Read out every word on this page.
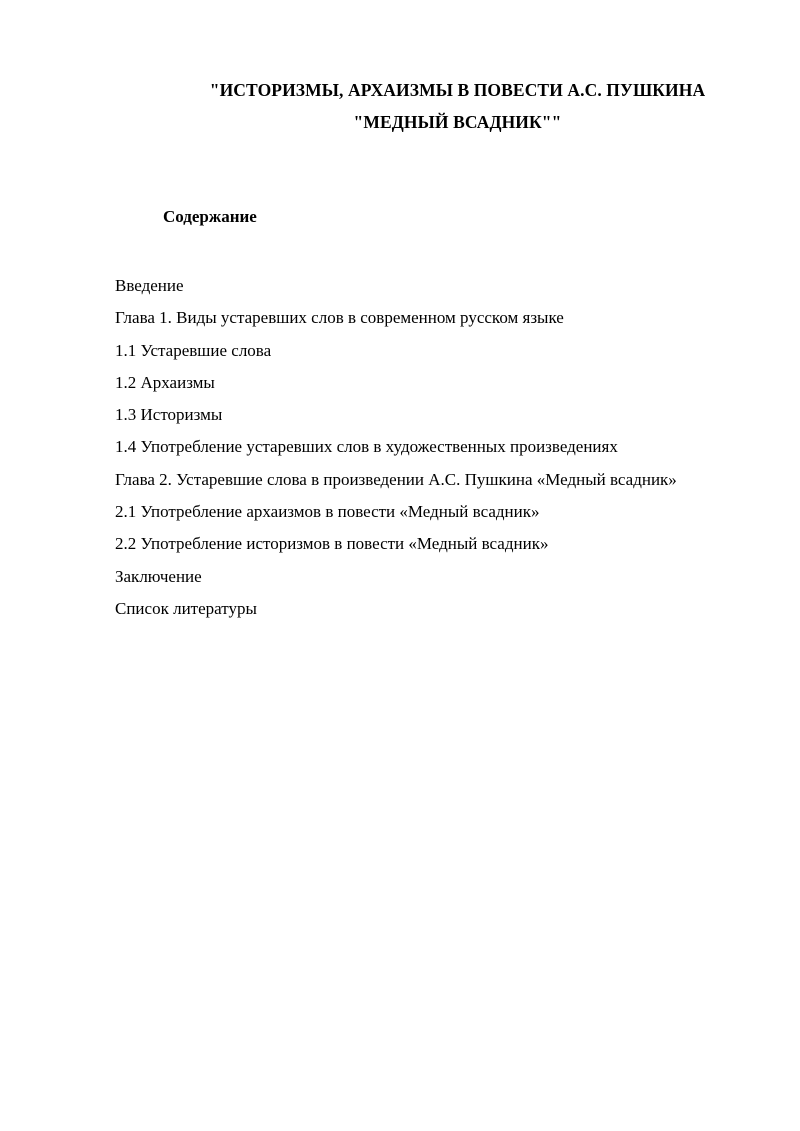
"ИСТОРИЗМЫ, АРХАИЗМЫ В ПОВЕСТИ А.С. ПУШКИНА
"МЕДНЫЙ ВСАДНИК""
Содержание
Введение
Глава 1. Виды устаревших слов в современном русском языке
1.1 Устаревшие слова
1.2 Архаизмы
1.3 Историзмы
1.4 Употребление устаревших слов в художественных произведениях
Глава 2. Устаревшие слова в произведении А.С. Пушкина «Медный всадник»
2.1 Употребление архаизмов в повести «Медный всадник»
2.2 Употребление историзмов в повести «Медный всадник»
Заключение
Список литературы
